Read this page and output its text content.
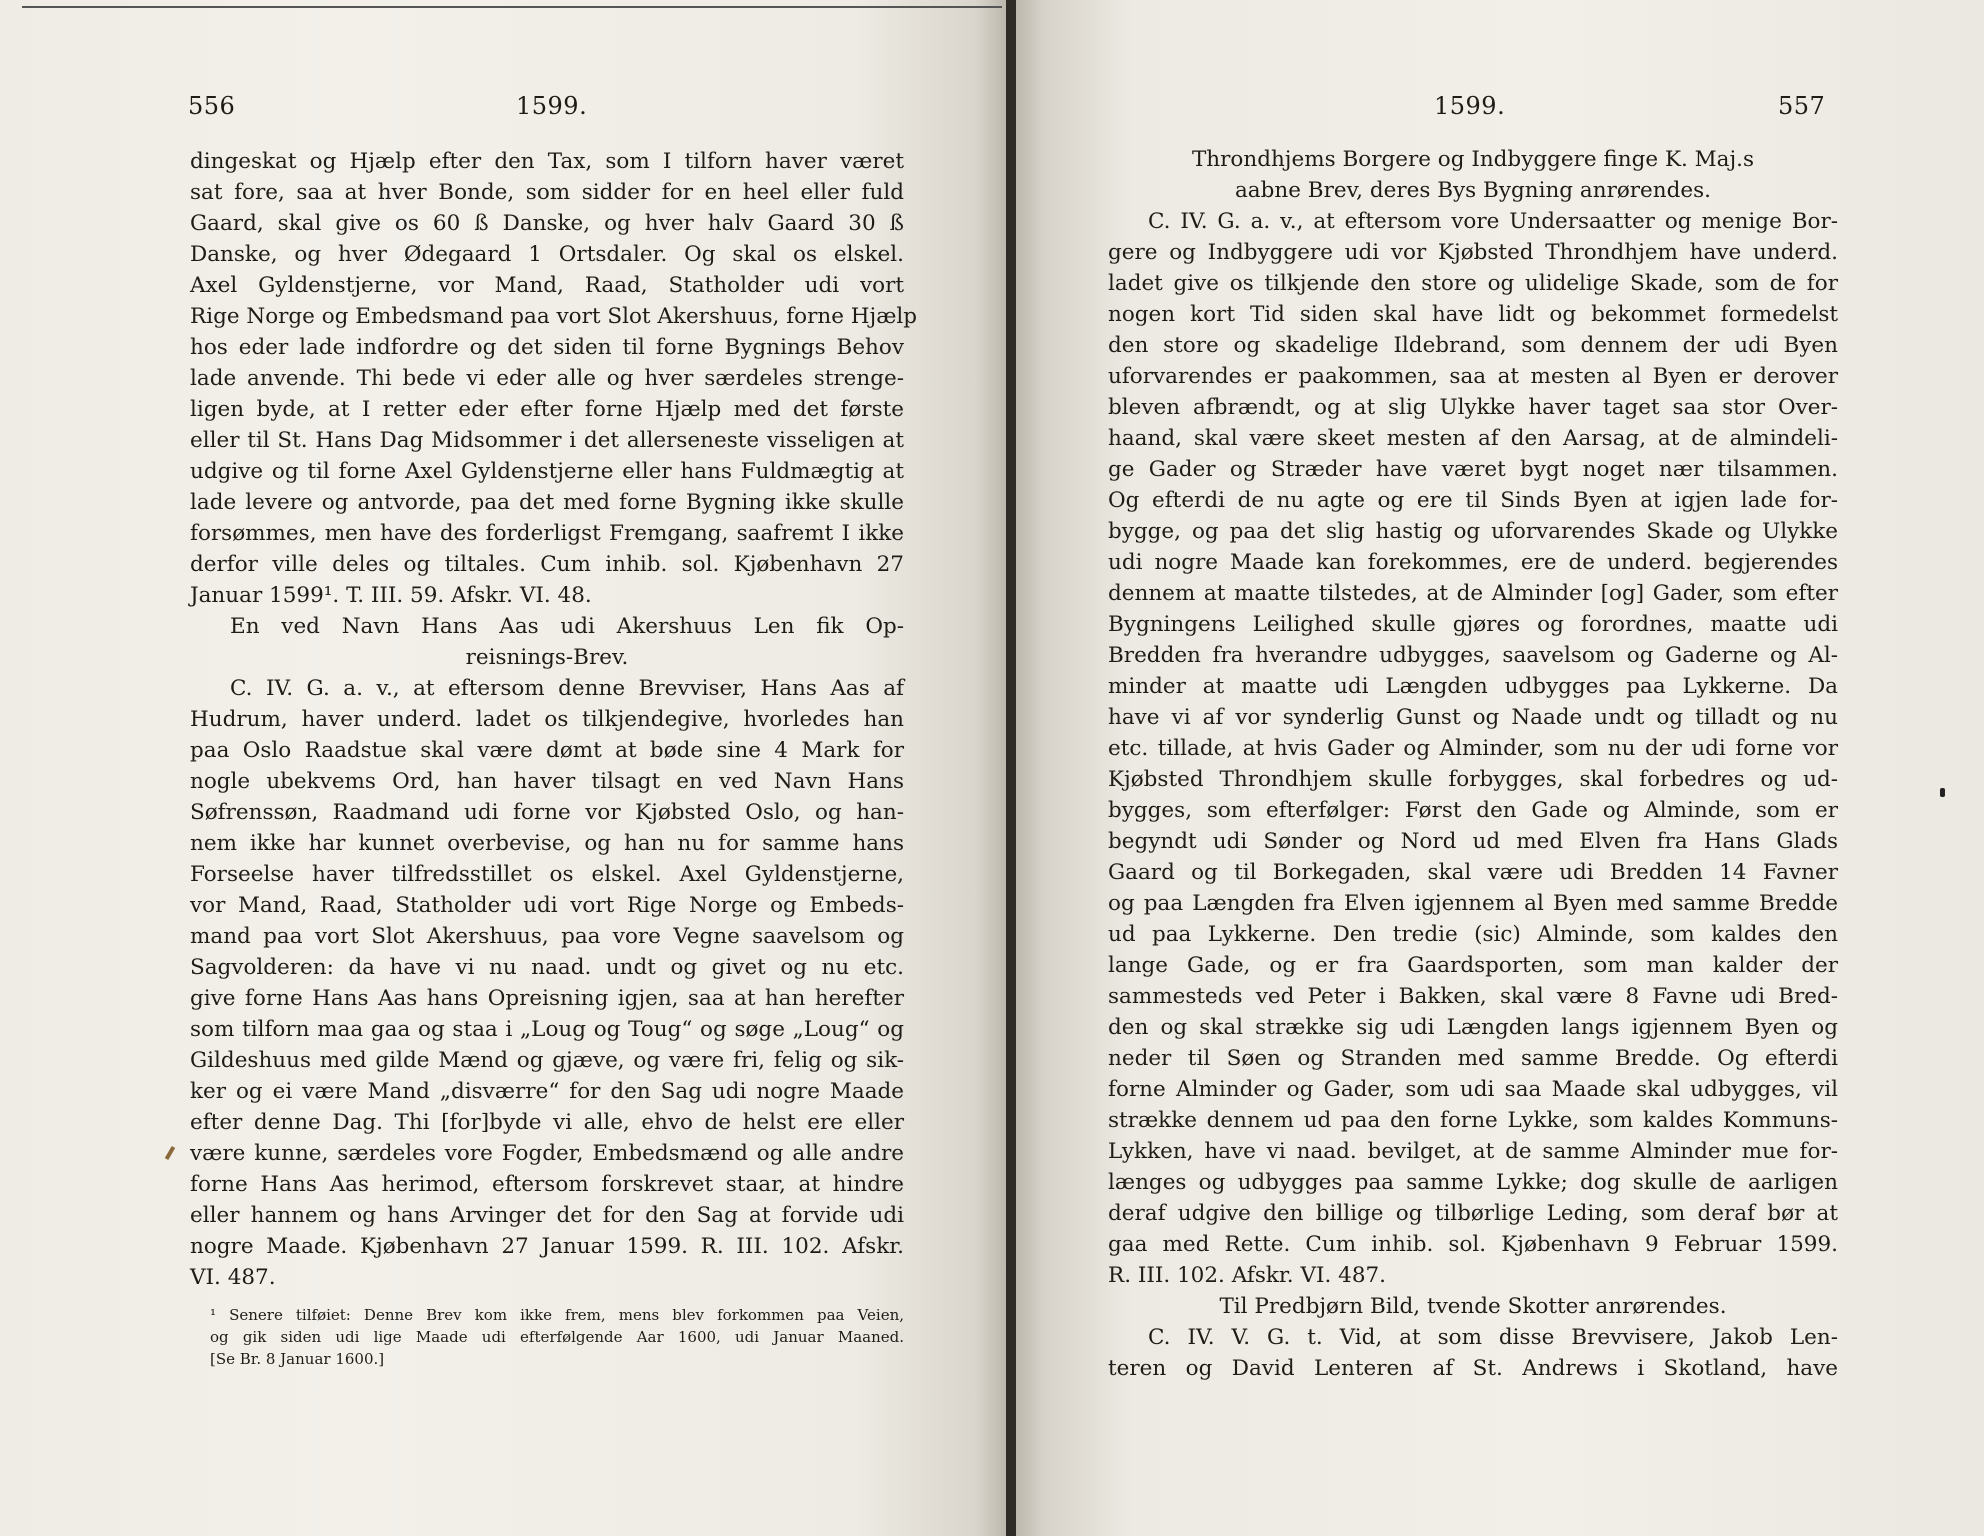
556	1599.
dingeskat og Hjælp efter den Tax, som I tilforn haver været
sat fore, saa at hver Bonde, som sidder for en heel eller fuld
Gaard, skal give os 60 ß Danske, og hver halv Gaard 30 ß
Danske, og hver Ødegaard 1 Ortsdaler. Og skal os elskel.
Axel Gyldenstjerne, vor Mand, Raad, Statholder udi vort
Rige Norge og Embedsmand paa vort Slot Akershuus, forne Hjælp
hos eder lade indfordre og det siden til forne Bygnings Behov
lade anvende. Thi bede vi eder alle og hver særdeles strenge-
ligen byde, at I retter eder efter forne Hjælp med det første
eller til St. Hans Dag Midsommer i det allerseneste visseligen at
udgive og til forne Axel Gyldenstjerne eller hans Fuldmægtig at
lade levere og antvorde, paa det med forne Bygning ikke skulle
forsømmes, men have des forderligst Fremgang, saafremt I ikke
derfor ville deles og tiltales. Cum inhib. sol. Kjøbenhavn 27
Januar 1599¹. T. III. 59. Afskr. VI. 48.
En ved Navn Hans Aas udi Akershuus Len fik Op-
reisnings-Brev.
C. IV. G. a. v., at eftersom denne Brevviser, Hans Aas af
Hudrum, haver underd. ladet os tilkjendegive, hvorledes han
paa Oslo Raadstue skal være dømt at bøde sine 4 Mark for
nogle ubekvems Ord, han haver tilsagt en ved Navn Hans
Søfrenssøn, Raadmand udi forne vor Kjøbsted Oslo, og han-
nem ikke har kunnet overbevise, og han nu for samme hans
Forseelse haver tilfredsstillet os elskel. Axel Gyldenstjerne,
vor Mand, Raad, Statholder udi vort Rige Norge og Embeds-
mand paa vort Slot Akershuus, paa vore Vegne saavelsom og
Sagvolderen: da have vi nu naad. undt og givet og nu etc.
give forne Hans Aas hans Opreisning igjen, saa at han herefter
som tilforn maa gaa og staa i „Loug og Toug“ og søge „Loug“ og
Gildeshuus med gilde Mænd og gjæve, og være fri, felig og sik-
ker og ei være Mand „disværre“ for den Sag udi nogre Maade
efter denne Dag. Thi [for]byde vi alle, ehvo de helst ere eller
være kunne, særdeles vore Fogder, Embedsmænd og alle andre
forne Hans Aas herimod, eftersom forskrevet staar, at hindre
eller hannem og hans Arvinger det for den Sag at forvide udi
nogre Maade. Kjøbenhavn 27 Januar 1599. R. III. 102. Afskr.
VI. 487.
¹ Senere tilføiet: Denne Brev kom ikke frem, mens blev forkommen paa Veien,
og gik siden udi lige Maade udi efterfølgende Aar 1600, udi Januar Maaned.
[Se Br. 8 Januar 1600.]
1599.	557
Throndhjems Borgere og Indbyggere finge K. Maj.s
aabne Brev, deres Bys Bygning anrørendes.
C. IV. G. a. v., at eftersom vore Undersaatter og menige Bor-
gere og Indbyggere udi vor Kjøbsted Throndhjem have underd.
ladet give os tilkjende den store og ulidelige Skade, som de for
nogen kort Tid siden skal have lidt og bekommet formedelst
den store og skadelige Ildebrand, som dennem der udi Byen
uforvarendes er paakommen, saa at mesten al Byen er derover
bleven afbrændt, og at slig Ulykke haver taget saa stor Over-
haand, skal være skeet mesten af den Aarsag, at de almindeli-
ge Gader og Stræder have været bygt noget nær tilsammen.
Og efterdi de nu agte og ere til Sinds Byen at igjen lade for-
bygge, og paa det slig hastig og uforvarendes Skade og Ulykke
udi nogre Maade kan forekommes, ere de underd. begjerendes
dennem at maatte tilstedes, at de Alminder [og] Gader, som efter
Bygningens Leilighed skulle gjøres og forordnes, maatte udi
Bredden fra hverandre udbygges, saavelsom og Gaderne og Al-
minder at maatte udi Længden udbygges paa Lykkerne. Da
have vi af vor synderlig Gunst og Naade undt og tilladt og nu
etc. tillade, at hvis Gader og Alminder, som nu der udi forne vor
Kjøbsted Throndhjem skulle forbygges, skal forbedres og ud-
bygges, som efterfølger: Først den Gade og Alminde, som er
begyndt udi Sønder og Nord ud med Elven fra Hans Glads
Gaard og til Borkegaden, skal være udi Bredden 14 Favner
og paa Længden fra Elven igjennem al Byen med samme Bredde
ud paa Lykkerne. Den tredie (sic) Alminde, som kaldes den
lange Gade, og er fra Gaardsporten, som man kalder der
sammesteds ved Peter i Bakken, skal være 8 Favne udi Bred-
den og skal strække sig udi Længden langs igjennem Byen og
neder til Søen og Stranden med samme Bredde. Og efterdi
forne Alminder og Gader, som udi saa Maade skal udbygges, vil
strække dennem ud paa den forne Lykke, som kaldes Kommuns-
Lykken, have vi naad. bevilget, at de samme Alminder mue for-
længes og udbygges paa samme Lykke; dog skulle de aarligen
deraf udgive den billige og tilbørlige Leding, som deraf bør at
gaa med Rette. Cum inhib. sol. Kjøbenhavn 9 Februar 1599.
R. III. 102. Afskr. VI. 487.
Til Predbjørn Bild, tvende Skotter anrørendes.
C. IV. V. G. t. Vid, at som disse Brevvisere, Jakob Len-
teren og David Lenteren af St. Andrews i Skotland, have
